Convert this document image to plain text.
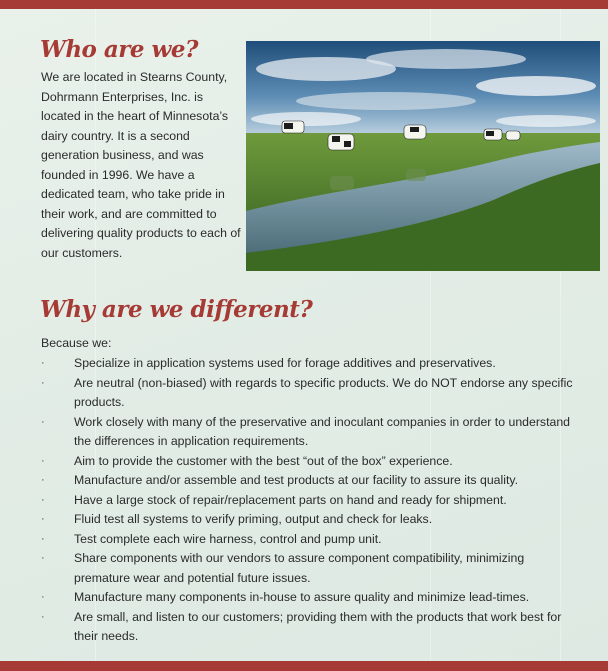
Who are we?
We are located in Stearns County, Dohrmann Enterprises, Inc. is located in the heart of Minnesota’s dairy country. It is a second generation business, and was founded in 1996. We have a dedicated team, who take pride in their work, and are committed to delivering quality products to each of our customers.
Why are we different?
Because we:
· Specialize in application systems used for forage additives and preservatives.
· Are neutral (non-biased) with regards to specific products. We do NOT endorse any specific products.
· Work closely with many of the preservative and inoculant companies in order to understand the differences in application requirements.
· Aim to provide the customer with the best “out of the box” experience.
· Manufacture and/or assemble and test products at our facility to assure its quality.
· Have a large stock of repair/replacement parts on hand and ready for shipment.
· Fluid test all systems to verify priming, output and check for leaks.
· Test complete each wire harness, control and pump unit.
· Share components with our vendors to assure component compatibility, minimizing premature wear and potential future issues.
· Manufacture many components in-house to assure quality and minimize lead-times.
· Are small, and listen to our customers; providing them with the products that work best for their needs.
